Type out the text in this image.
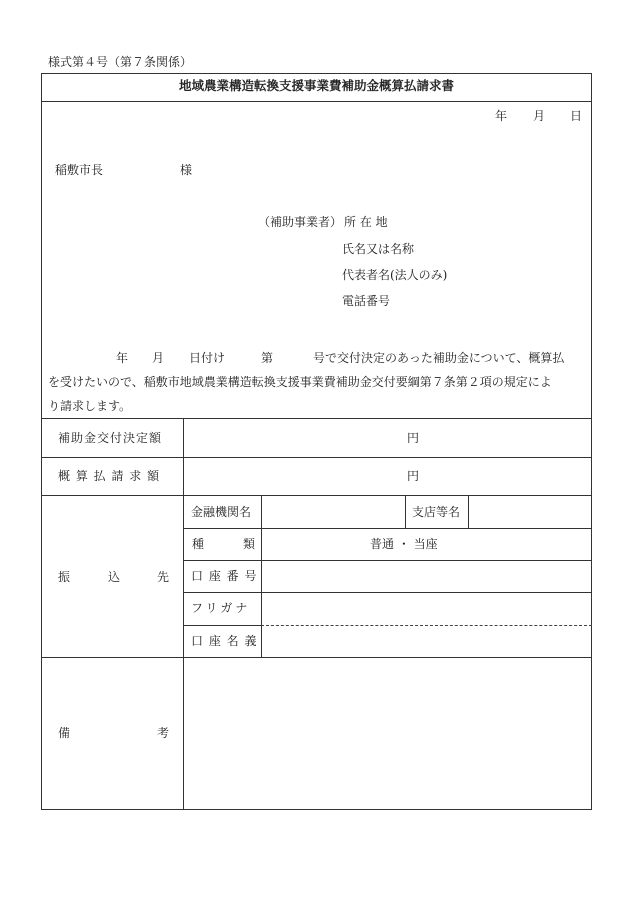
様式第４号（第７条関係）
地域農業構造転換支援事業費補助金概算払請求書
年 月 日
稲敷市長	様
（補助事業者） 所 在 地
氏名又は名称
代表者名(法人のみ)
電話番号
年 月 日付け	第	号で交付決定のあった補助金について、概算払
を受けたいので、稲敷市地域農業構造転換支援事業費補助金交付要綱第７条第２項の規定によ
り請求します。
補助金交付決定額	円
概 算 払 請 求 額	円
振	込	先
金融機関名	支店等名
種	類	普通 ・ 当座
口 座 番 号
フリガナ
口 座 名 義
備	考
